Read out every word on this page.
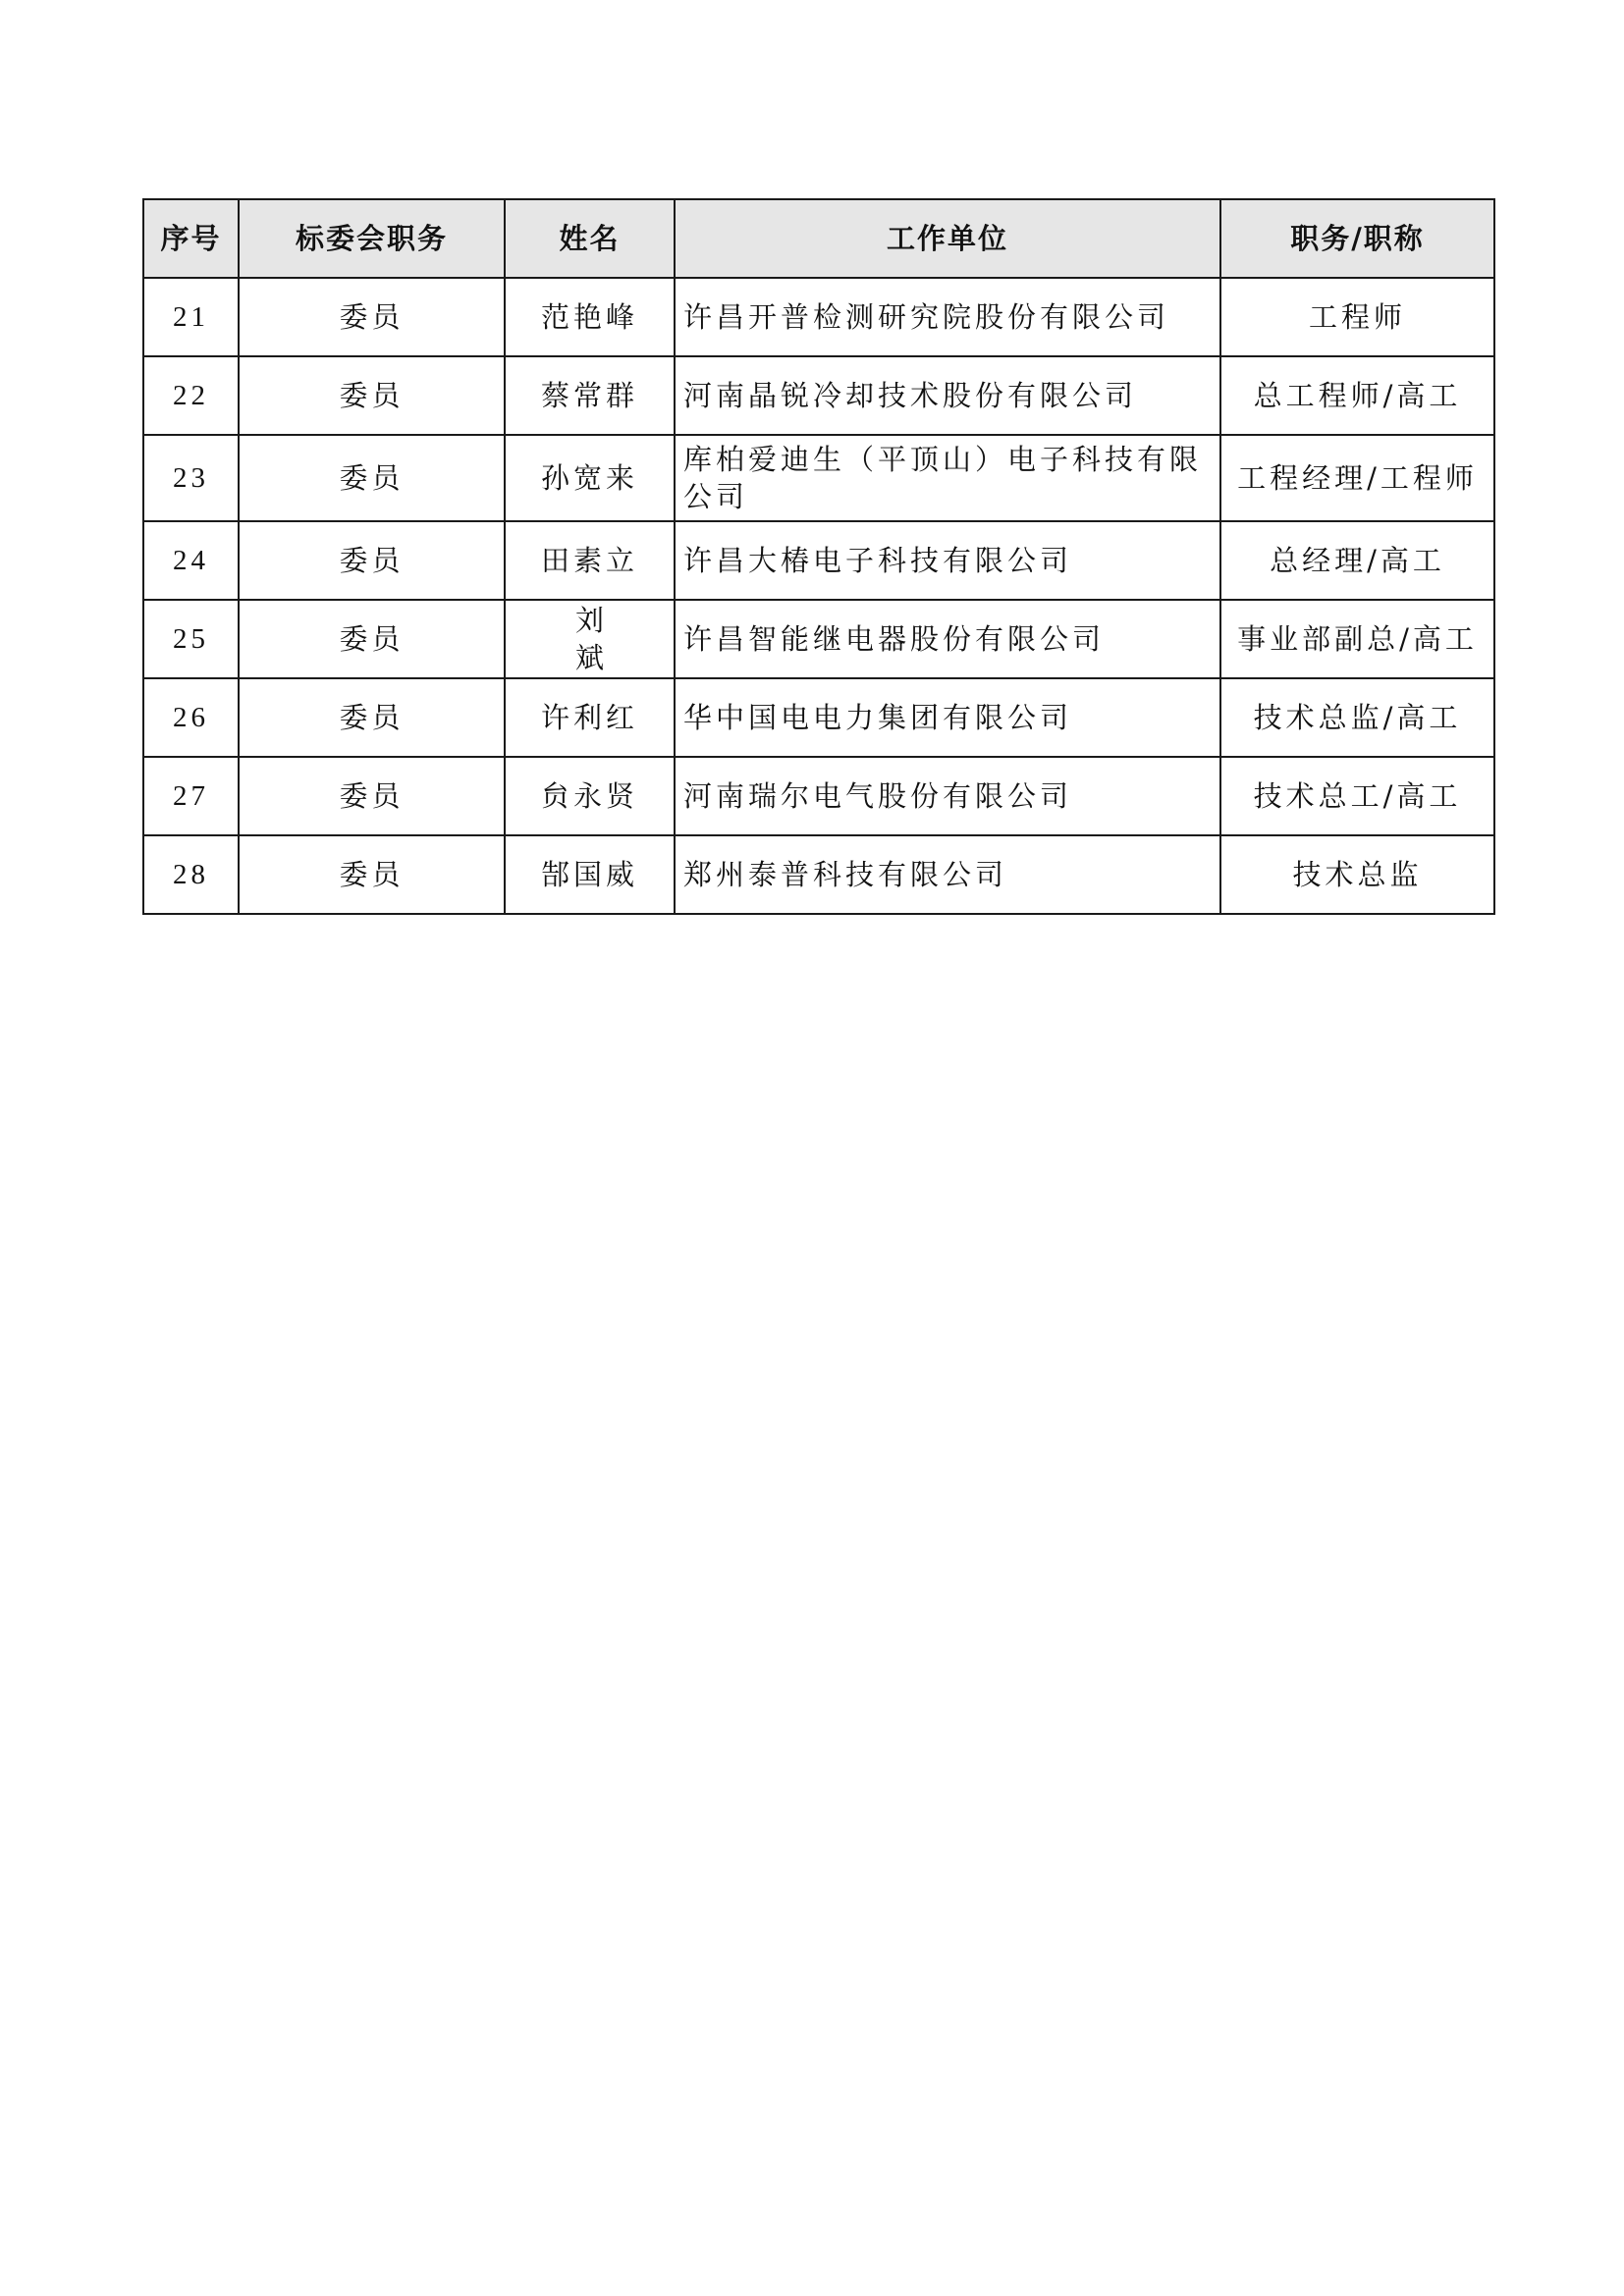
序号	标委会职务	姓名	工作单位	职务/职称
21	委员	范艳峰	许昌开普检测研究院股份有限公司	工程师
22	委员	蔡常群	河南晶锐冷却技术股份有限公司	总工程师/高工
23	委员	孙宽来	库柏爱迪生（平顶山）电子科技有限公司	工程经理/工程师
24	委员	田素立	许昌大椿电子科技有限公司	总经理/高工
25	委员	刘斌	许昌智能继电器股份有限公司	事业部副总/高工
26	委员	许利红	华中国电电力集团有限公司	技术总监/高工
27	委员	贠永贤	河南瑞尔电气股份有限公司	技术总工/高工
28	委员	郜国威	郑州泰普科技有限公司	技术总监
